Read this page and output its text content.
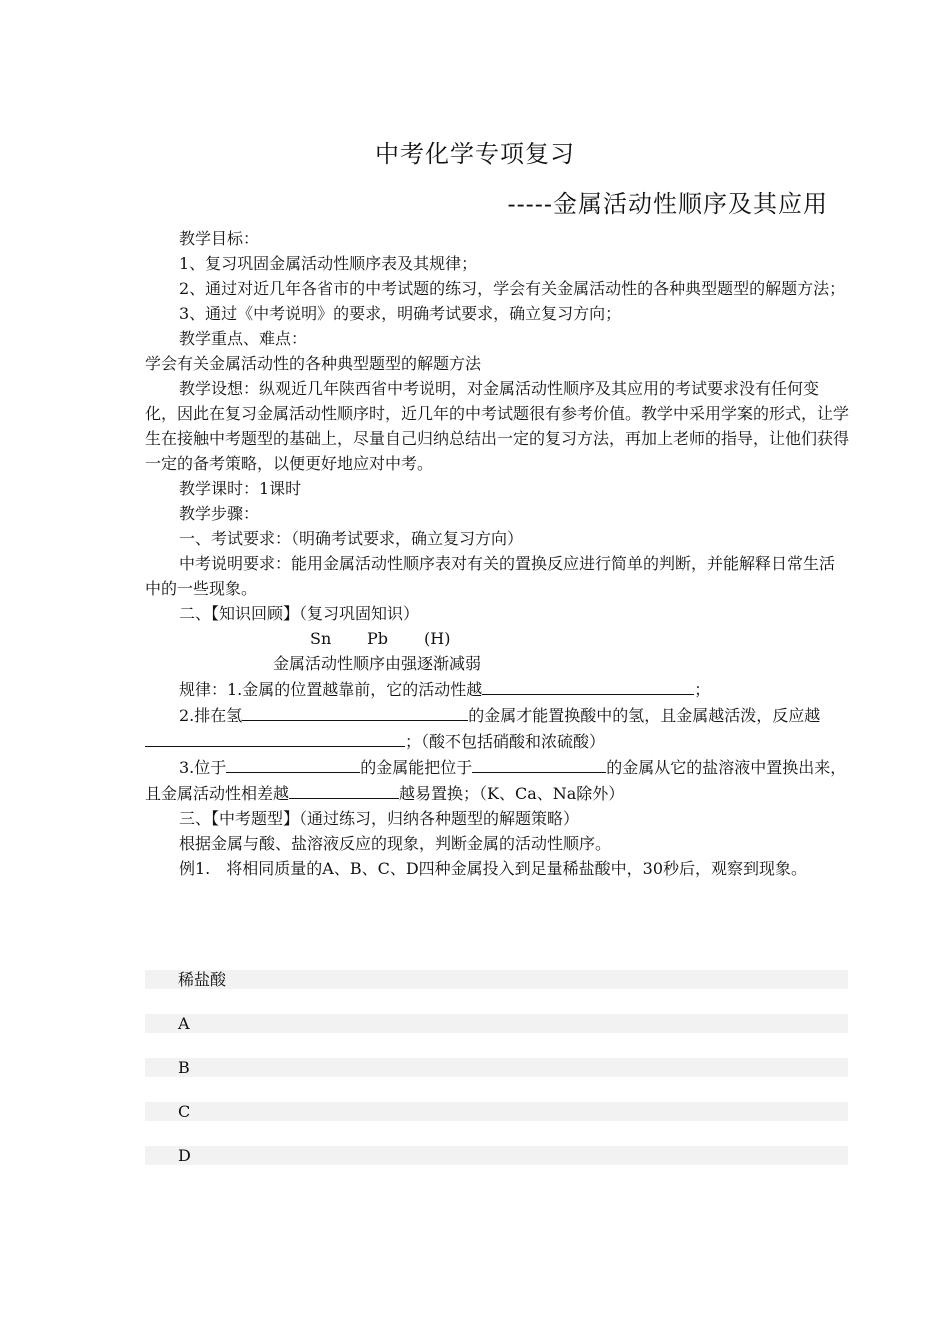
中考化学专项复习
-----金属活动性顺序及其应用

教学目标：

1、复习巩固金属活动性顺序表及其规律；

2、通过对近几年各省市的中考试题的练习，学会有关金属活动性的各种典型题型的解题方法；

3、通过《中考说明》的要求，明确考试要求，确立复习方向；

教学重点、难点：

学会有关金属活动性的各种典型题型的解题方法

教学设想：纵观近几年陕西省中考说明，对金属活动性顺序及其应用的考试要求没有任何变化，因此在复习金属活动性顺序时，近几年的中考试题很有参考价值。教学中采用学案的形式，让学生在接触中考题型的基础上，尽量自己归纳总结出一定的复习方法，再加上老师的指导，让他们获得一定的备考策略，以便更好地应对中考。

教学课时：1课时

教学步骤：

一、考试要求：（明确考试要求，确立复习方向）

中考说明要求：能用金属活动性顺序表对有关的置换反应进行简单的判断，并能解释日常生活中的一些现象。

二、【知识回顾】（复习巩固知识）

Sn Pb (H)

金属活动性顺序由强逐渐减弱

规律：1.金属的位置越靠前，它的活动性越	；

2.排在氢	的金属才能置换酸中的氢，且金属越活泼，反应越；（酸不包括硝酸和浓硫酸）

3.位于	的金属能把位于	的金属从它的盐溶液中置换出来，且金属活动性相差越	越易置换；（K、Ca、Na除外）

三、【中考题型】（通过练习，归纳各种题型的解题策略）

根据金属与酸、盐溶液反应的现象，判断金属的活动性顺序。

例1.　将相同质量的A、B、C、D四种金属投入到足量稀盐酸中，30秒后，观察到现象。

稀盐酸
A
B
C
D
